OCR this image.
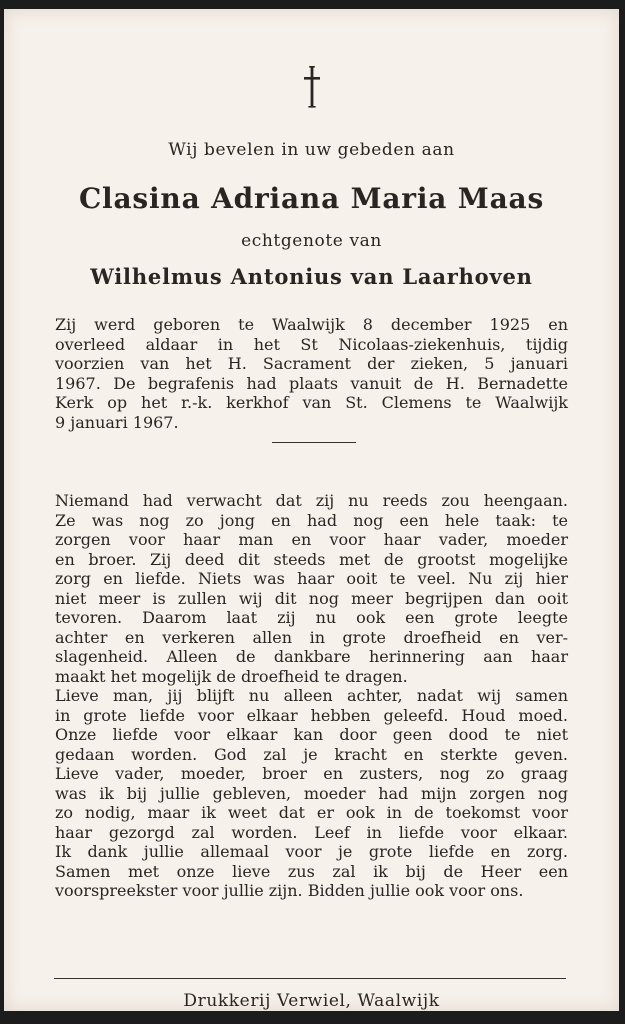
Wij bevelen in uw gebeden aan
Clasina Adriana Maria Maas
echtgenote van
Wilhelmus Antonius van Laarhoven
Zij werd geboren te Waalwijk 8 december 1925 en
overleed aldaar in het St Nicolaas-ziekenhuis, tijdig
voorzien van het H. Sacrament der zieken, 5 januari
1967. De begrafenis had plaats vanuit de H. Bernadette
Kerk op het r.-k. kerkhof van St. Clemens te Waalwijk
9 januari 1967.
Niemand had verwacht dat zij nu reeds zou heengaan.
Ze was nog zo jong en had nog een hele taak: te
zorgen voor haar man en voor haar vader, moeder
en broer. Zij deed dit steeds met de grootst mogelijke
zorg en liefde. Niets was haar ooit te veel. Nu zij hier
niet meer is zullen wij dit nog meer begrijpen dan ooit
tevoren. Daarom laat zij nu ook een grote leegte
achter en verkeren allen in grote droefheid en ver-
slagenheid. Alleen de dankbare herinnering aan haar
maakt het mogelijk de droefheid te dragen.
Lieve man, jij blijft nu alleen achter, nadat wij samen
in grote liefde voor elkaar hebben geleefd. Houd moed.
Onze liefde voor elkaar kan door geen dood te niet
gedaan worden. God zal je kracht en sterkte geven.
Lieve vader, moeder, broer en zusters, nog zo graag
was ik bij jullie gebleven, moeder had mijn zorgen nog
zo nodig, maar ik weet dat er ook in de toekomst voor
haar gezorgd zal worden. Leef in liefde voor elkaar.
Ik dank jullie allemaal voor je grote liefde en zorg.
Samen met onze lieve zus zal ik bij de Heer een
voorspreekster voor jullie zijn. Bidden jullie ook voor ons.
Drukkerij Verwiel, Waalwijk
